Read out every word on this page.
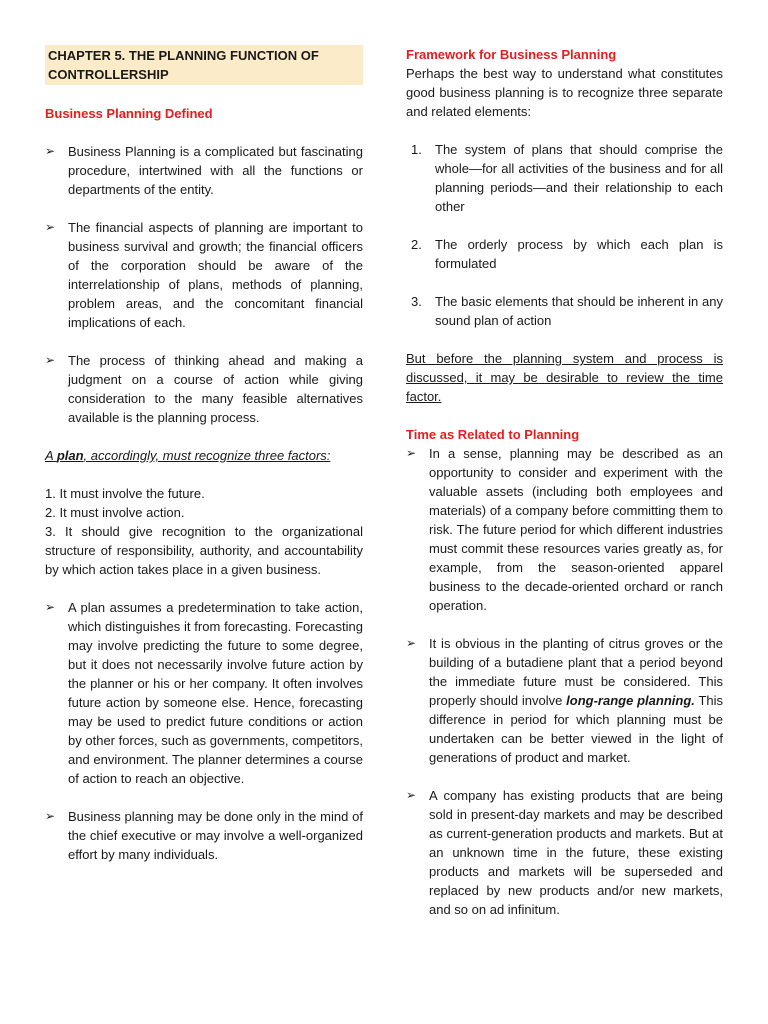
CHAPTER 5. THE PLANNING FUNCTION OF CONTROLLERSHIP
Business Planning Defined

➢ Business Planning is a complicated but fascinating procedure, intertwined with all the functions or departments of the entity.

➢ The financial aspects of planning are important to business survival and growth; the financial officers of the corporation should be aware of the interrelationship of plans, methods of planning, problem areas, and the concomitant financial implications of each.

➢ The process of thinking ahead and making a judgment on a course of action while giving consideration to the many feasible alternatives available is the planning process.

A plan, accordingly, must recognize three factors:

1. It must involve the future.

2. It must involve action.

3. It should give recognition to the organizational structure of responsibility, authority, and accountability by which action takes place in a given business.

➢ A plan assumes a predetermination to take action, which distinguishes it from forecasting. Forecasting may involve predicting the future to some degree, but it does not necessarily involve future action by the planner or his or her company. It often involves future action by someone else. Hence, forecasting may be used to predict future conditions or action by other forces, such as governments, competitors, and environment. The planner determines a course of action to reach an objective.

➢ Business planning may be done only in the mind of the chief executive or may involve a well-organized effort by many individuals.

Framework for Business Planning

Perhaps the best way to understand what constitutes good business planning is to recognize three separate and related elements:

1. The system of plans that should comprise the whole—for all activities of the business and for all planning periods—and their relationship to each other

2. The orderly process by which each plan is formulated

3. The basic elements that should be inherent in any sound plan of action

But before the planning system and process is discussed, it may be desirable to review the time factor.

Time as Related to Planning

➢ In a sense, planning may be described as an opportunity to consider and experiment with the valuable assets (including both employees and materials) of a company before committing them to risk. The future period for which different industries must commit these resources varies greatly as, for example, from the season-oriented apparel business to the decade-oriented orchard or ranch operation.

➢ It is obvious in the planting of citrus groves or the building of a butadiene plant that a period beyond the immediate future must be considered. This properly should involve long-range planning. This difference in period for which planning must be undertaken can be better viewed in the light of generations of product and market.

➢ A company has existing products that are being sold in present-day markets and may be described as current-generation products and markets. But at an unknown time in the future, these existing products and markets will be superseded and replaced by new products and/or new markets, and so on ad infinitum.
